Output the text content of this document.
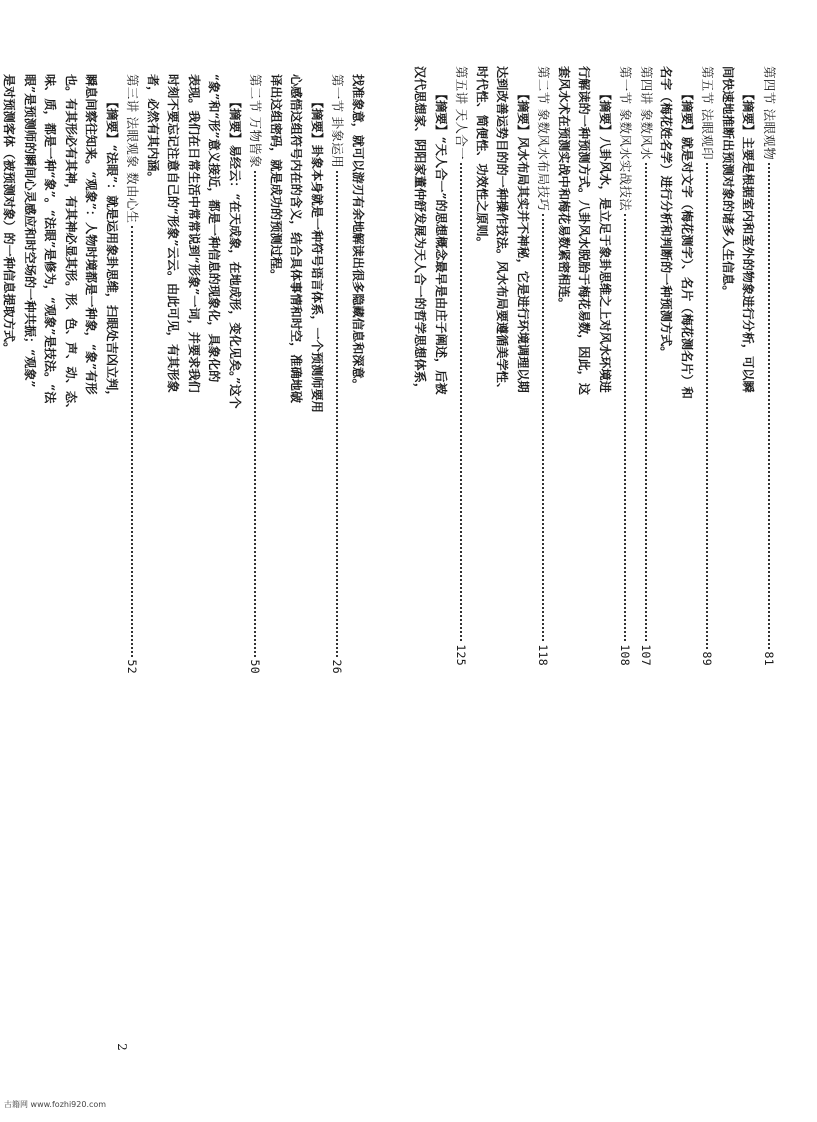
找准象意，就可以游刃有余地解读出很多隐藏信息和深意。
第一节 卦象运用
26
【摘要】卦象本身就是一种符号语言体系，一个预测师要用
心感悟这组符号内在的含义，结合具体事情和时空，准确地破
译出这组密码，就是成功的预测过程。
第二节 万物皆象
50
【摘要】易经云：“在天成象，在地成形，变化见矣。”这个
“象”和“形”意义接近，都是一种信息的现象化，具象化的
表现。我们在日常生活中常常说到“形象”一词，并要求我们
时刻不要忘记注意自己的“形象”云云。由此可见，有其形象
者，必然有其内涵。
第三讲 法眼观象 数由心生
52
【摘要】“法眼”：就是运用象卦思维，扫眼处吉凶立判，
瞬息间察往知来。“观象”：人物时境都是一种象，“象”有形
也。有其形必有其神，有其神必显其形。形、色、声、动、态、
味、质，都是一种“象”。“法眼”是修为，“观象”是技法。“法
眼”是预测师的瞬间心灵感应和时空场的一种共振；“观象”
是对预测客体（被预测对象）的一种信息提取方式。
2
第四节 法眼观物
81
【摘要】主要是根据室内和室外的物象进行分析，可以瞬
间快速地推断出预测对象的诸多人生信息。
第五节 法眼观印
89
【摘要】就是对文字（梅花测字）、名片（梅花测名片）和
名字（梅花姓名学）进行分析和判断的一种预测方式。
第四讲 象数风水
107
第一节 象数风水实战技法
108
【摘要】八卦风水，是立足于象卦思维之上对风水环境进
行解读的一种预测方式。八卦风水脱胎于梅花易数，因此，这
套风水术在预测实战中和梅花易数紧密相连。
第二节 象数风水布局技巧
118
【摘要】风水布局其实并不神秘，它是进行环境调理以期
达到改善运势目的的一种操作技法。风水布局要遵循美学性、
时代性、简便性、功效性之原则。
第五讲 天人合一
125
【摘要】“天人合一”的思想概念最早是由庄子阐述，后被
汉代思想家、阴阳家董仲舒发展为天人合一的哲学思想体系，
古籍网 www.fozhi920.com
